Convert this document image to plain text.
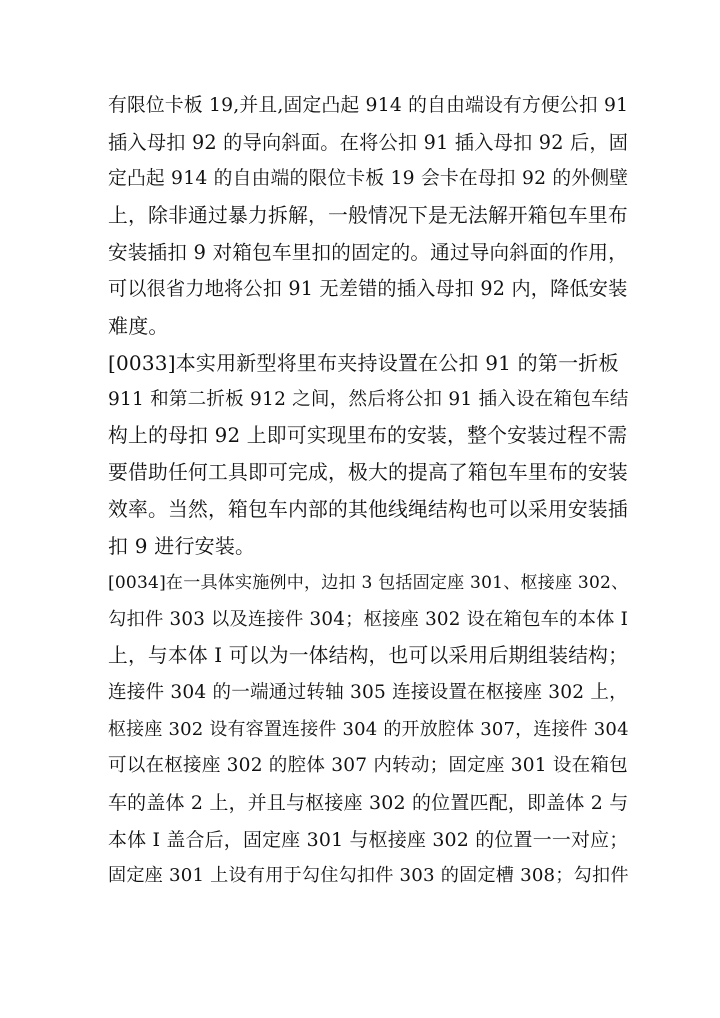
有限位卡板 19,并且,固定凸起 914 的自由端设有方便公扣 91
插入母扣 92 的导向斜面。在将公扣 91 插入母扣 92 后，固
定凸起 914 的自由端的限位卡板 19 会卡在母扣 92 的外侧壁
上，除非通过暴力拆解，一般情况下是无法解开箱包车里布
安装插扣 9 对箱包车里扣的固定的。通过导向斜面的作用，
可以很省力地将公扣 91 无差错的插入母扣 92 内，降低安装
难度。
[0033]本实用新型将里布夹持设置在公扣 91 的第一折板
911 和第二折板 912 之间，然后将公扣 91 插入设在箱包车结
构上的母扣 92 上即可实现里布的安装，整个安装过程不需
要借助任何工具即可完成，极大的提高了箱包车里布的安装
效率。当然，箱包车内部的其他线绳结构也可以采用安装插
扣 9 进行安装。
[0034]在一具体实施例中，边扣 3 包括固定座 301、枢接座 302、
勾扣件 303 以及连接件 304；枢接座 302 设在箱包车的本体 I
上，与本体 I 可以为一体结构，也可以采用后期组装结构；
连接件 304 的一端通过转轴 305 连接设置在枢接座 302 上，
枢接座 302 设有容置连接件 304 的开放腔体 307，连接件 304
可以在枢接座 302 的腔体 307 内转动；固定座 301 设在箱包
车的盖体 2 上，并且与枢接座 302 的位置匹配，即盖体 2 与
本体 I 盖合后，固定座 301 与枢接座 302 的位置一一对应；
固定座 301 上设有用于勾住勾扣件 303 的固定槽 308；勾扣件
